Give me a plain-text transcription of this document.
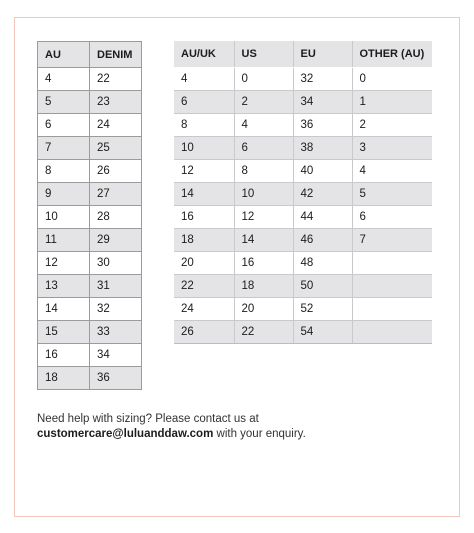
AU	DENIM
4	22
5	23
6	24
7	25
8	26
9	27
10	28
11	29
12	30
13	31
14	32
15	33
16	34
18	36
AU/UK	US	EU	OTHER (AU)
4	0	32	0
6	2	34	1
8	4	36	2
10	6	38	3
12	8	40	4
14	10	42	5
16	12	44	6
18	14	46	7
20	16	48	
22	18	50	
24	20	52	
26	22	54	
Need help with sizing? Please contact us at
customercare@luluanddaw.com with your enquiry.
